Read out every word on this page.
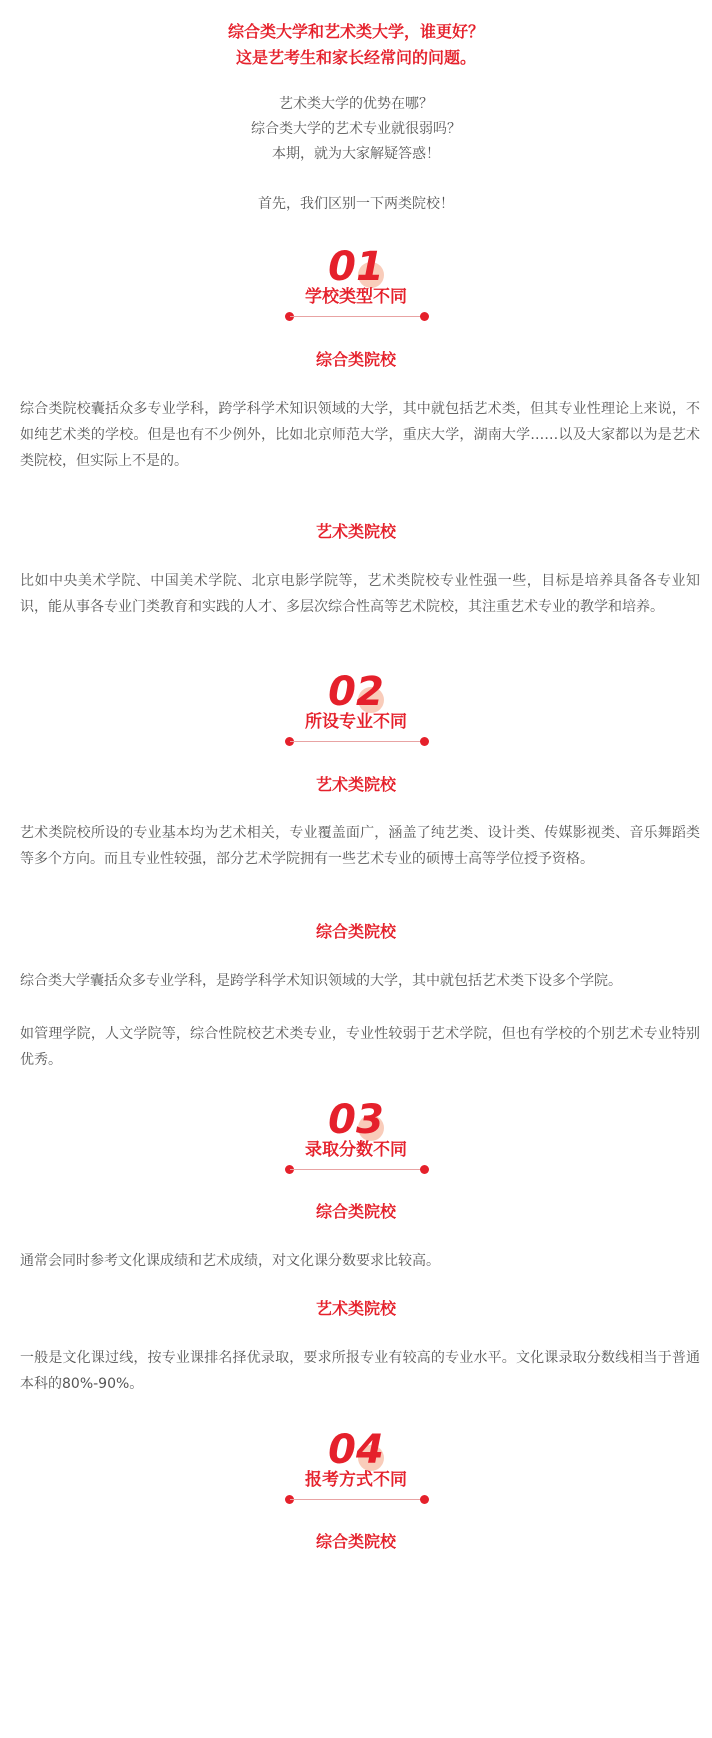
综合类大学和艺术类大学，谁更好？

这是艺考生和家长经常问的问题。

艺术类大学的优势在哪？

综合类大学的艺术专业就很弱吗？

本期，就为大家解疑答惑！

首先，我们区别一下两类院校！

01
学校类型不同

综合类院校

综合类院校囊括众多专业学科，跨学科学术知识领域的大学，其中就包括艺术类，但其专业性理论上来说，不如纯艺术类的学校。但是也有不少例外，比如北京师范大学，重庆大学，湖南大学……以及大家都以为是艺术类院校，但实际上不是的。

艺术类院校

比如中央美术学院、中国美术学院、北京电影学院等，艺术类院校专业性强一些，目标是培养具备各专业知识，能从事各专业门类教育和实践的人才、多层次综合性高等艺术院校，其注重艺术专业的教学和培养。

02
所设专业不同

艺术类院校

艺术类院校所设的专业基本均为艺术相关，专业覆盖面广，涵盖了纯艺类、设计类、传媒影视类、音乐舞蹈类等多个方向。而且专业性较强，部分艺术学院拥有一些艺术专业的硕博士高等学位授予资格。

综合类院校

综合类大学囊括众多专业学科，是跨学科学术知识领域的大学，其中就包括艺术类下设多个学院。

如管理学院，人文学院等，综合性院校艺术类专业，专业性较弱于艺术学院，但也有学校的个别艺术专业特别优秀。

03
录取分数不同

综合类院校

通常会同时参考文化课成绩和艺术成绩，对文化课分数要求比较高。

艺术类院校

一般是文化课过线，按专业课排名择优录取，要求所报专业有较高的专业水平。文化课录取分数线相当于普通本科的80%-90%。

04
报考方式不同

综合类院校
